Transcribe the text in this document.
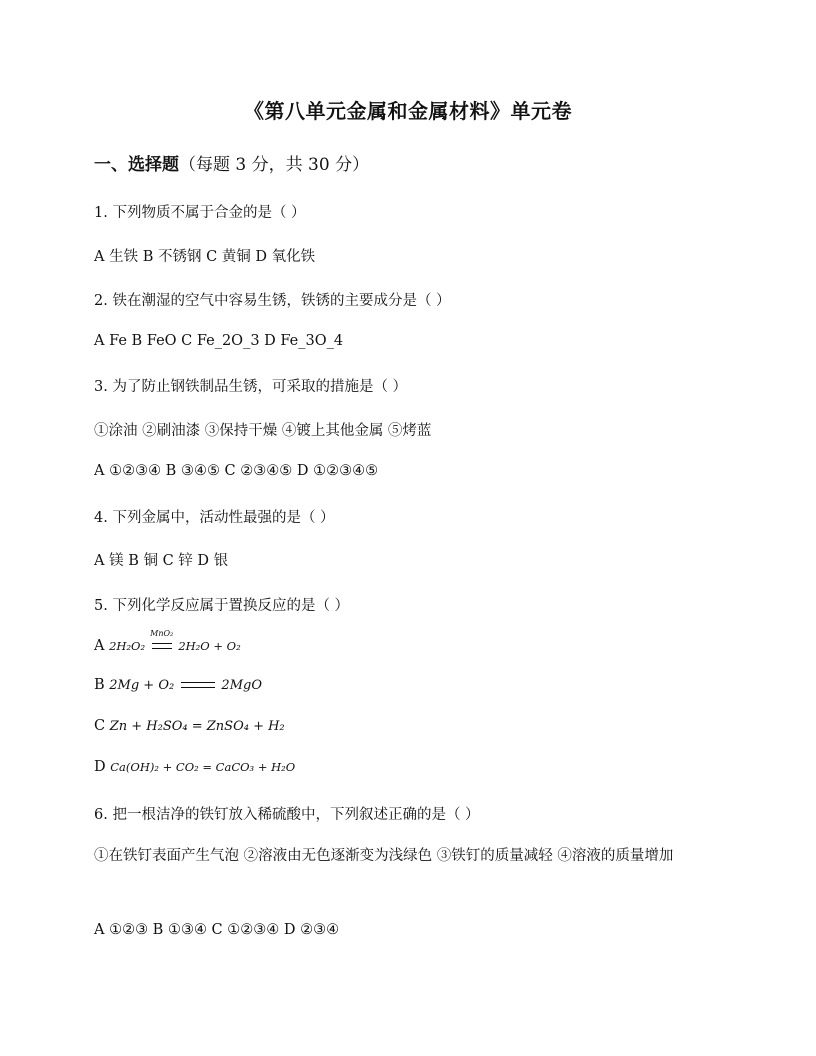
《第八单元金属和金属材料》单元卷
一、选择题（每题 3 分，共 30 分）
1. 下列物质不属于合金的是（ ）
A 生铁 B 不锈钢 C 黄铜 D 氧化铁
2. 铁在潮湿的空气中容易生锈，铁锈的主要成分是（ ）
A Fe B FeO C Fe_2O_3 D Fe_3O_4
3. 为了防止钢铁制品生锈，可采取的措施是（ ）
①涂油 ②刷油漆 ③保持干燥 ④镀上其他金属 ⑤烤蓝
A ①②③④ B ③④⑤ C ②③④⑤ D ①②③④⑤
4. 下列金属中，活动性最强的是（ ）
A 镁 B 铜 C 锌 D 银
5. 下列化学反应属于置换反应的是（ ）
A 2H₂O₂
MnO₂
2H₂O + O₂
B 2Mg + O₂	2MgO
C Zn + H₂SO₄ = ZnSO₄ + H₂
D Ca(OH)₂ + CO₂ = CaCO₃ + H₂O
6. 把一根洁净的铁钉放入稀硫酸中，下列叙述正确的是（ ）
①在铁钉表面产生气泡 ②溶液由无色逐渐变为浅绿色 ③铁钉的质量减轻 ④溶液的质量增加
A ①②③ B ①③④ C ①②③④ D ②③④
